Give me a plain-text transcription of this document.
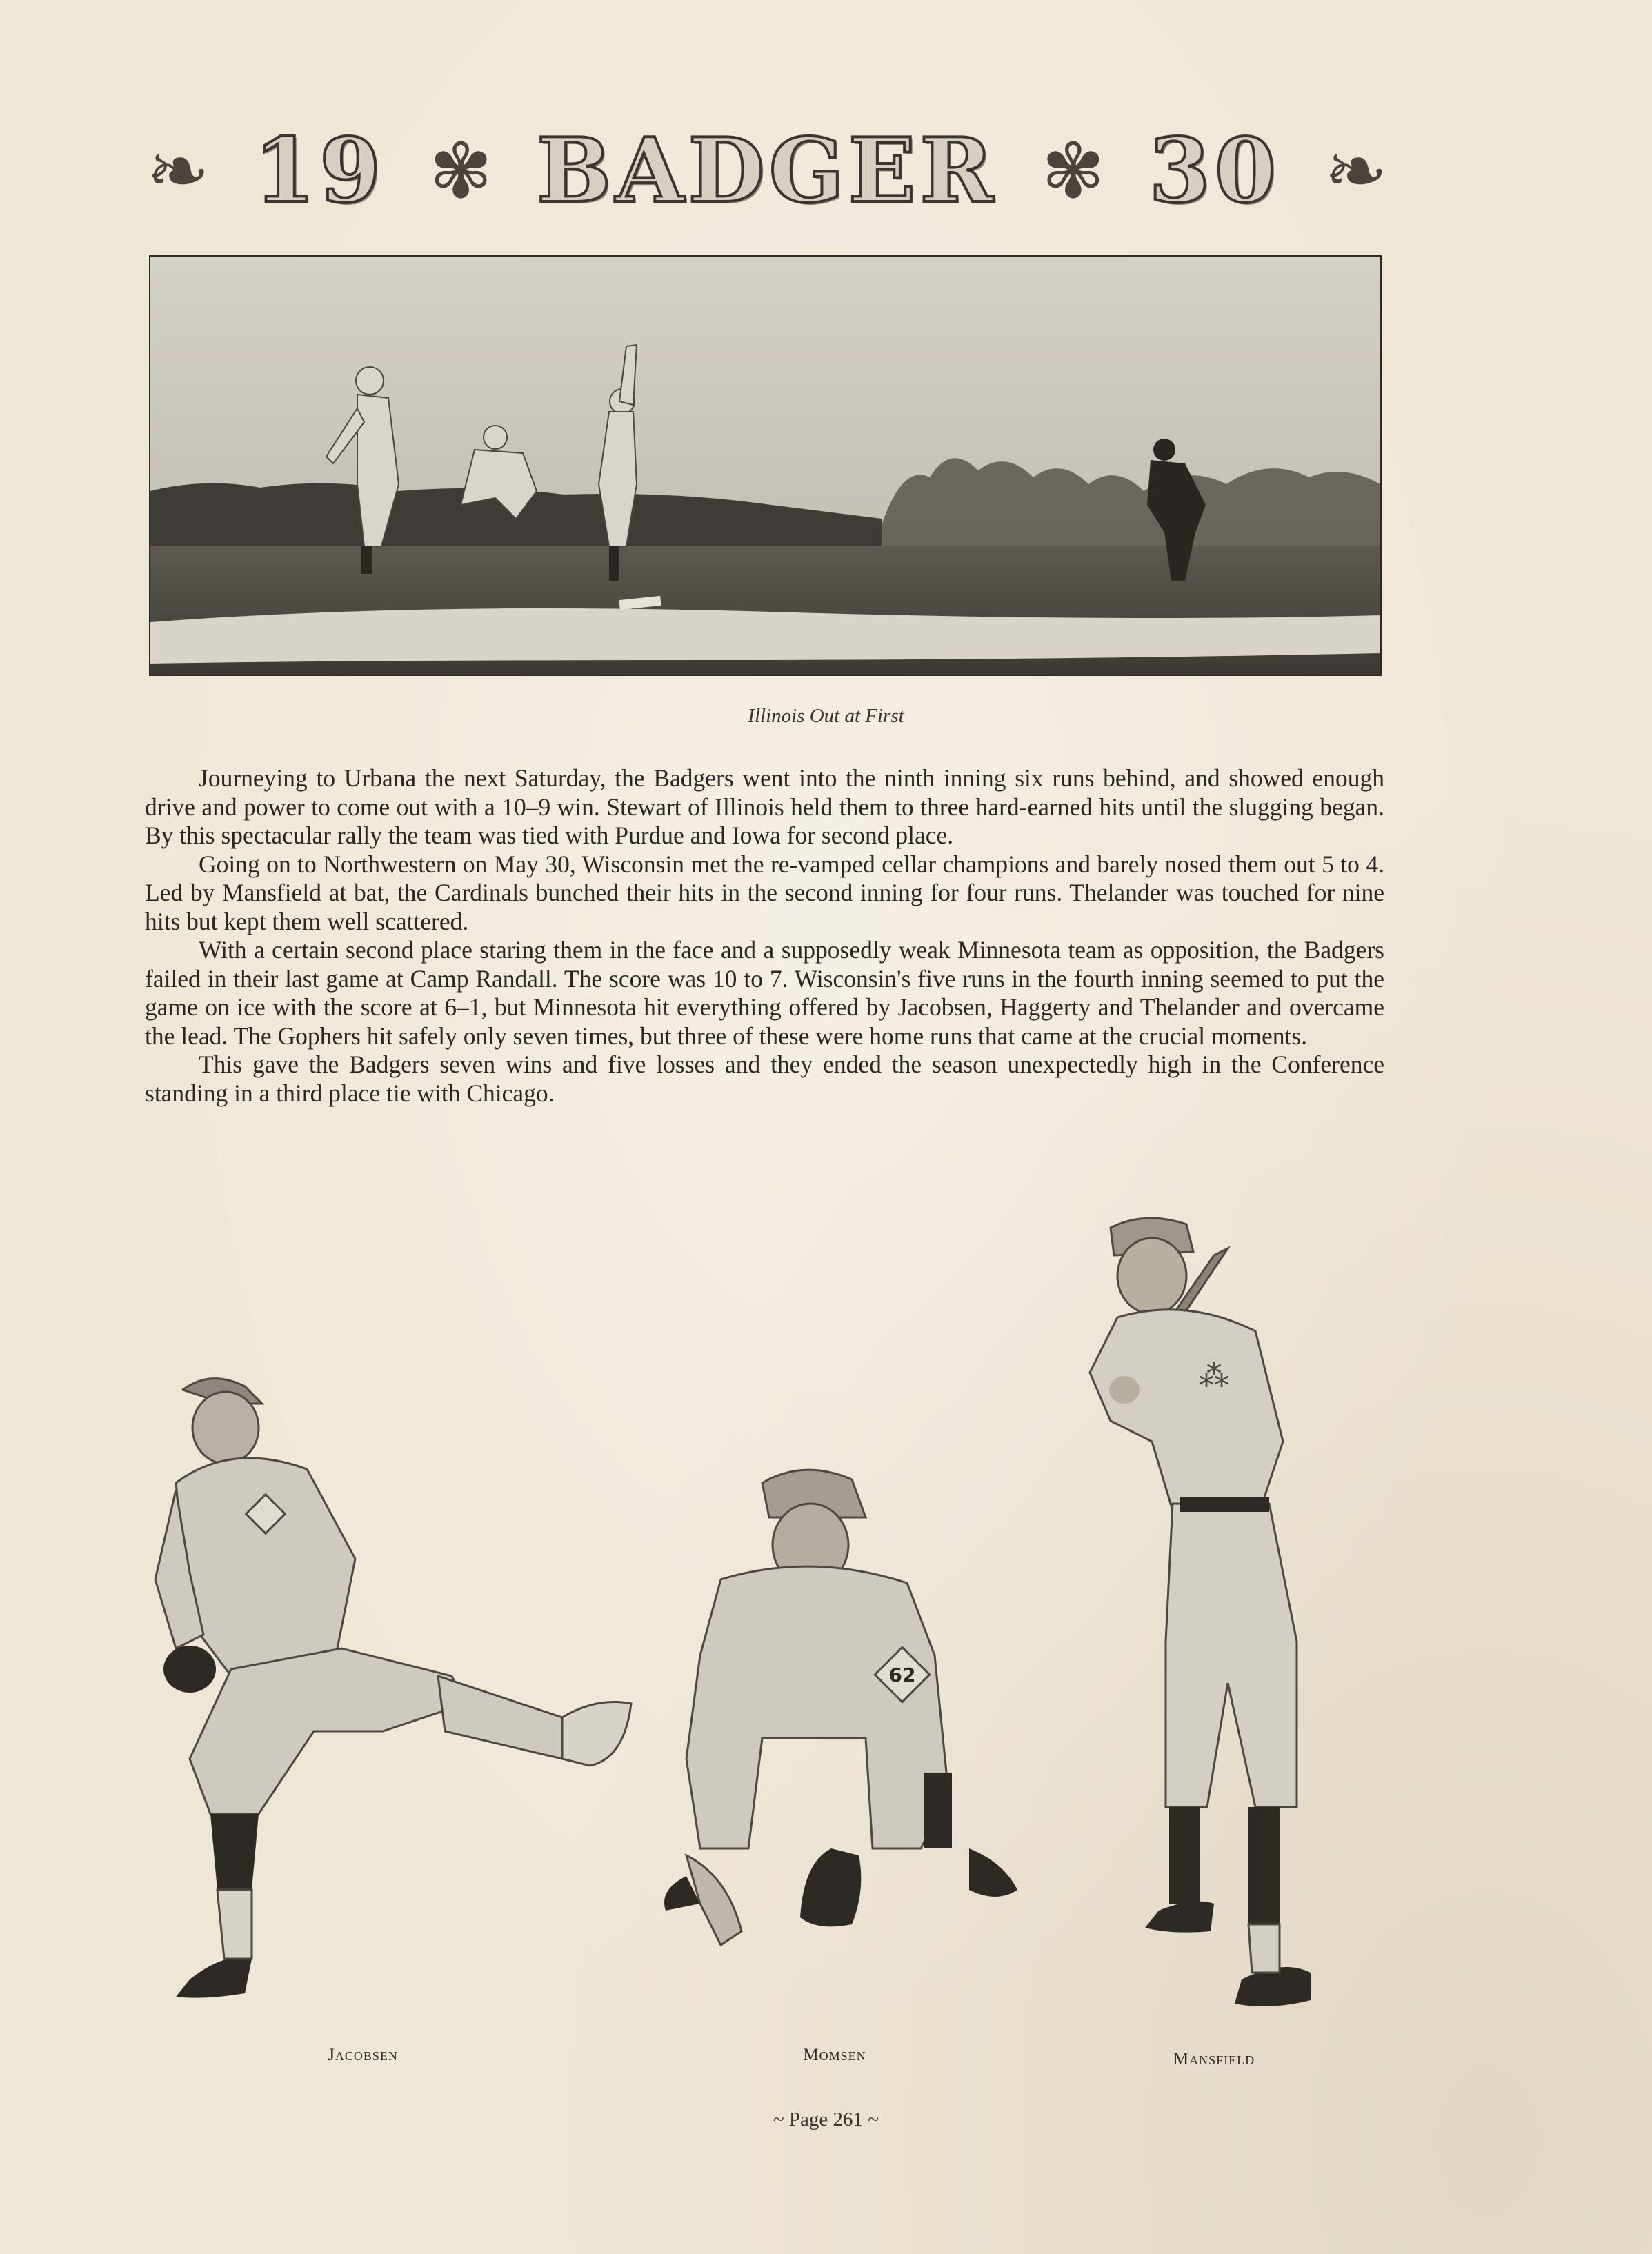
❧ 19 ✾ BADGER ✾ 30 ❧
Illinois Out at First

Journeying to Urbana the next Saturday, the Badgers went into the ninth inning six runs behind, and showed enough drive and power to come out with a 10–9 win. Stewart of Illinois held them to three hard-earned hits until the slugging began. By this spectacular rally the team was tied with Purdue and Iowa for second place.

Going on to Northwestern on May 30, Wisconsin met the re-vamped cellar champions and barely nosed them out 5 to 4. Led by Mansfield at bat, the Cardinals bunched their hits in the second inning for four runs. Thelander was touched for nine hits but kept them well scattered.

With a certain second place staring them in the face and a supposedly weak Minnesota team as opposition, the Badgers failed in their last game at Camp Randall. The score was 10 to 7. Wisconsin's five runs in the fourth inning seemed to put the game on ice with the score at 6–1, but Minnesota hit everything offered by Jacobsen, Haggerty and Thelander and overcame the lead. The Gophers hit safely only seven times, but three of these were home runs that came at the crucial moments.

This gave the Badgers seven wins and five losses and they ended the season unexpectedly high in the Conference standing in a third place tie with Chicago.

62
⁂
Jacobsen	Momsen	Mansfield
~ Page 261 ~
